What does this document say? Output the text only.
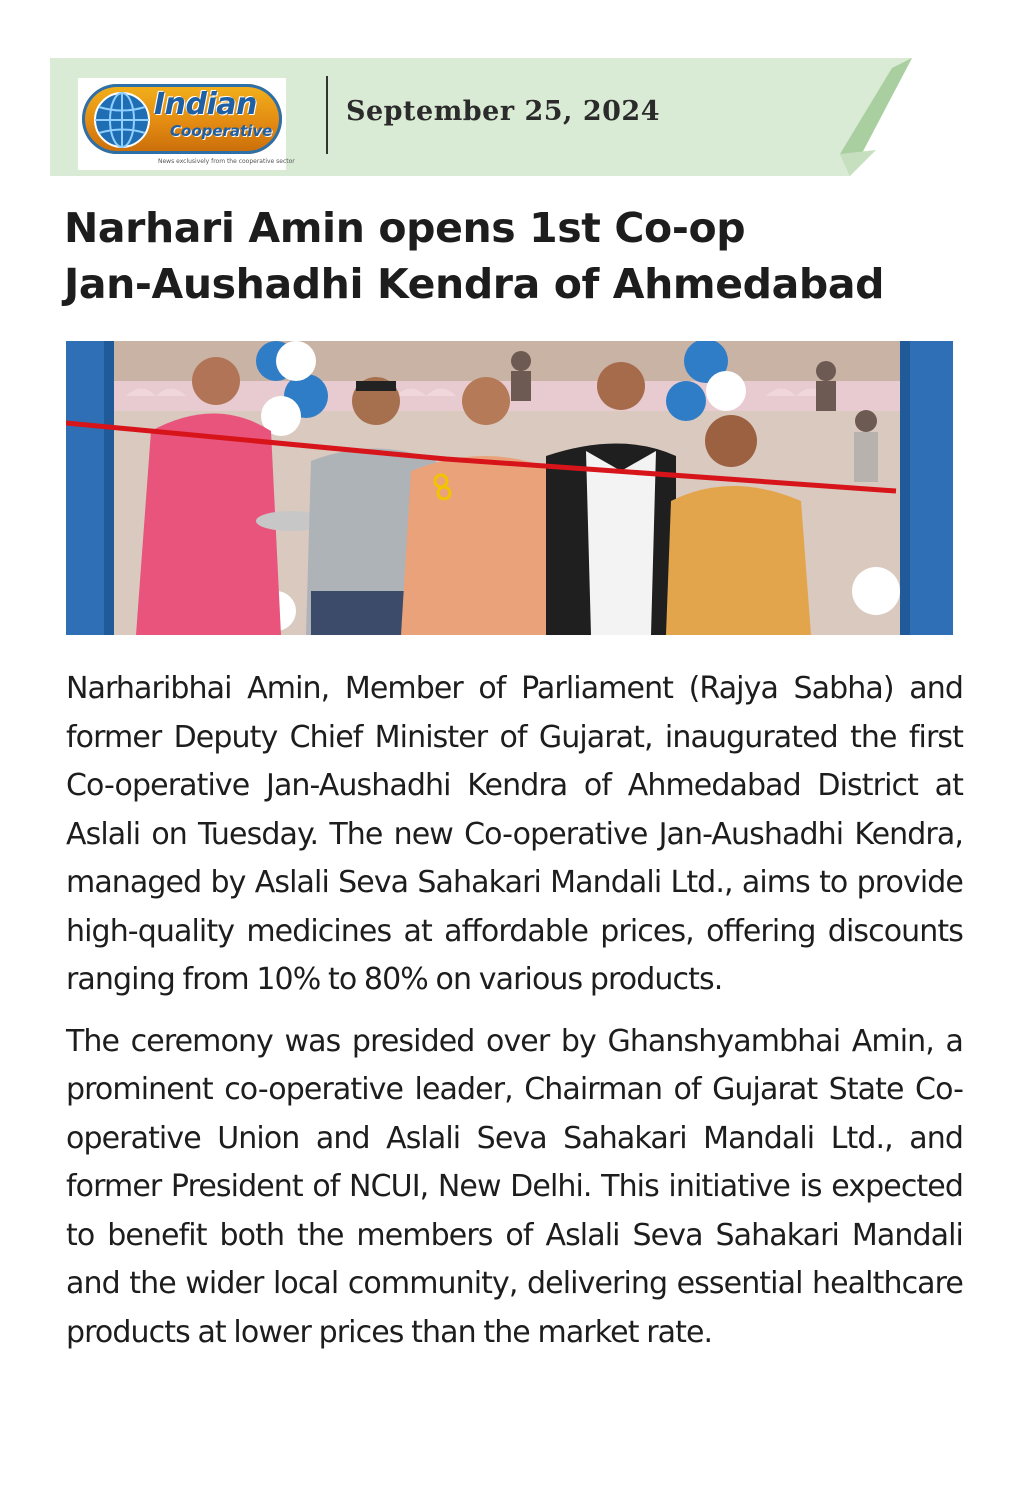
Indian
Cooperative
News exclusively from the cooperative sector
September 25, 2024
Narhari Amin opens 1st Co-op
Jan-Aushadhi Kendra of Ahmedabad

Narharibhai Amin, Member of Parliament (Rajya Sabha) and former Deputy Chief Minister of Gujarat, inaugurated the first Co-operative Jan-Aushadhi Kendra of Ahmedabad District at Aslali on Tuesday. The new Co-operative Jan-Aushadhi Kendra, managed by Aslali Seva Sahakari Mandali Ltd., aims to provide high-quality medicines at affordable prices, offering discounts ranging from 10% to 80% on various products.

The ceremony was presided over by Ghanshyambhai Amin, a prominent co-operative leader, Chairman of Gujarat State Co-operative Union and Aslali Seva Sahakari Mandali Ltd., and former President of NCUI, New Delhi. This initiative is expected to benefit both the members of Aslali Seva Sahakari Mandali and the wider local community, delivering essential healthcare products at lower prices than the market rate.
